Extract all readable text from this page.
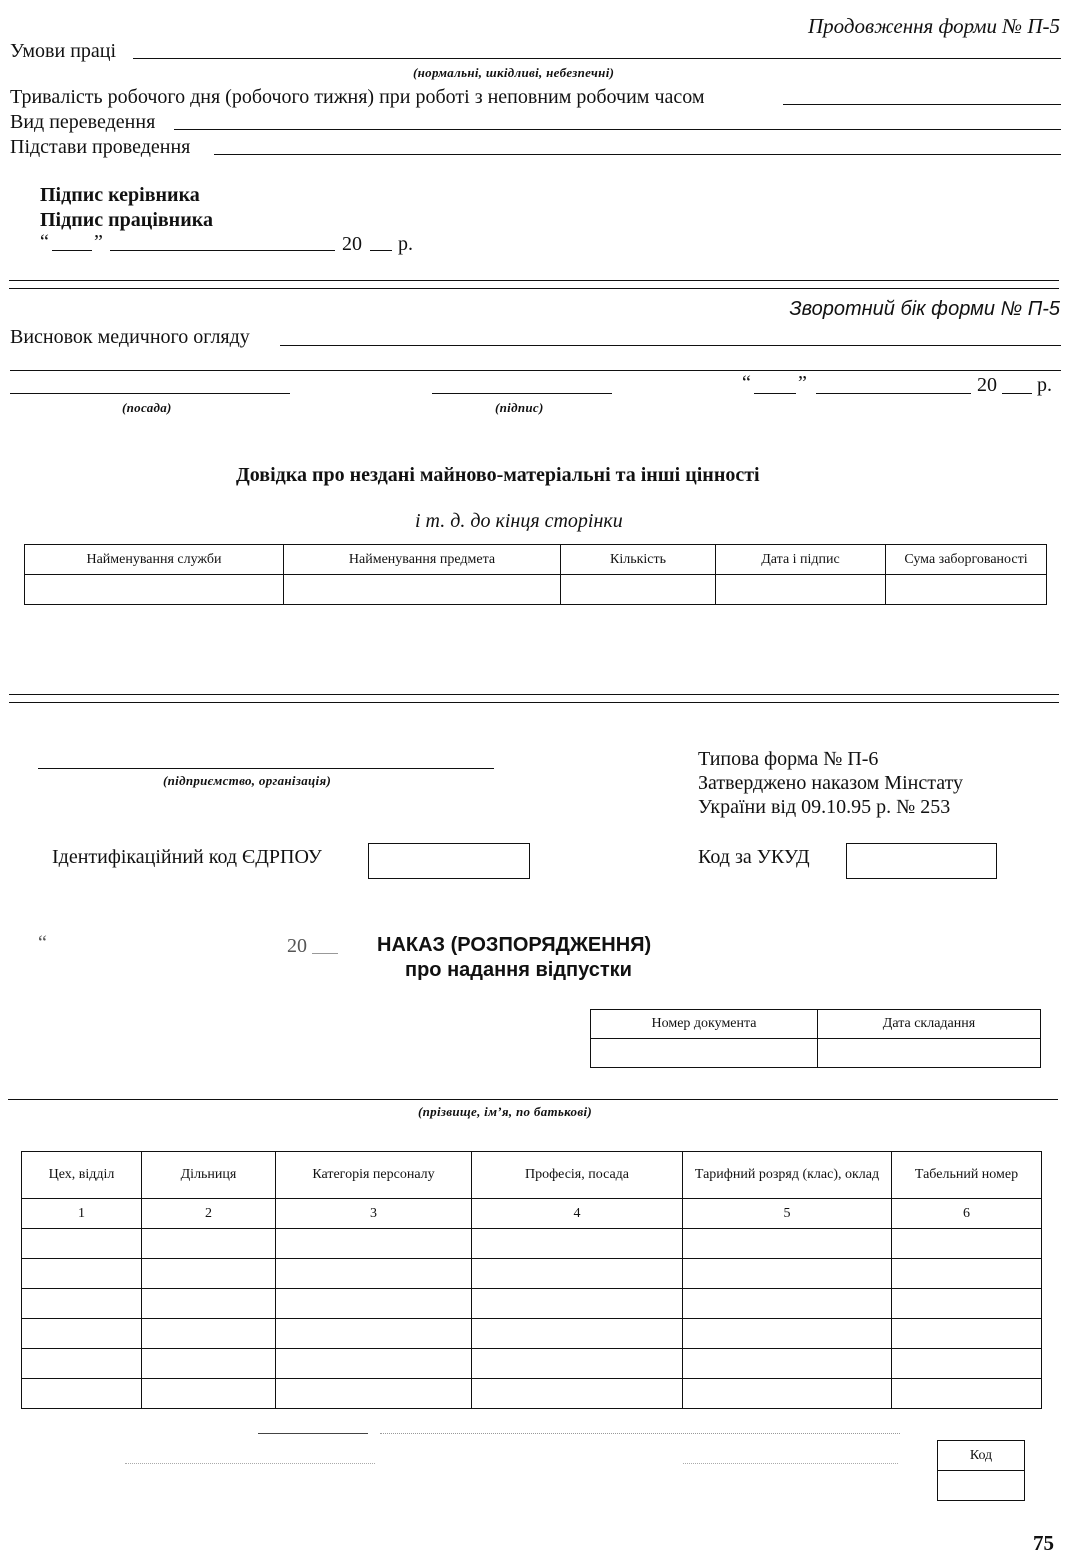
Продовження форми № П-5
Умови праці
(нормальні, шкідливі, небезпечні)
Тривалість робочого дня (робочого тижня) при роботі з неповним робочим часом
Вид переведення
Підстави проведення
Підпис керівника
Підпис працівника
“ ”	20 р.
Зворотний бік форми № П-5
Висновок медичного огляду
“ ”	20 р.
(посада)	(підпис)
Довідка про нездані майново-матеріальні та інші цінності
і т. д. до кінця сторінки
Найменування служби	Найменування предмета	Кількість	Дата і підпис	Сума заборгованості

(підприємство, організація)
Типова форма № П-6
Затверджено наказом Мінстату
України від 09.10.95 р. № 253
Ідентифікаційний код ЄДРПОУ	Код за УКУД
“	20	НАКАЗ (РОЗПОРЯДЖЕННЯ)
про надання відпустки
Номер документа	Дата складання

(прізвище, ім’я, по батькові)
Цех, відділ	Дільниця	Категорія персоналу	Професія, посада	Тарифний розряд (клас), оклад	Табельний номер
1	2	3	4	5	6

Код

75
